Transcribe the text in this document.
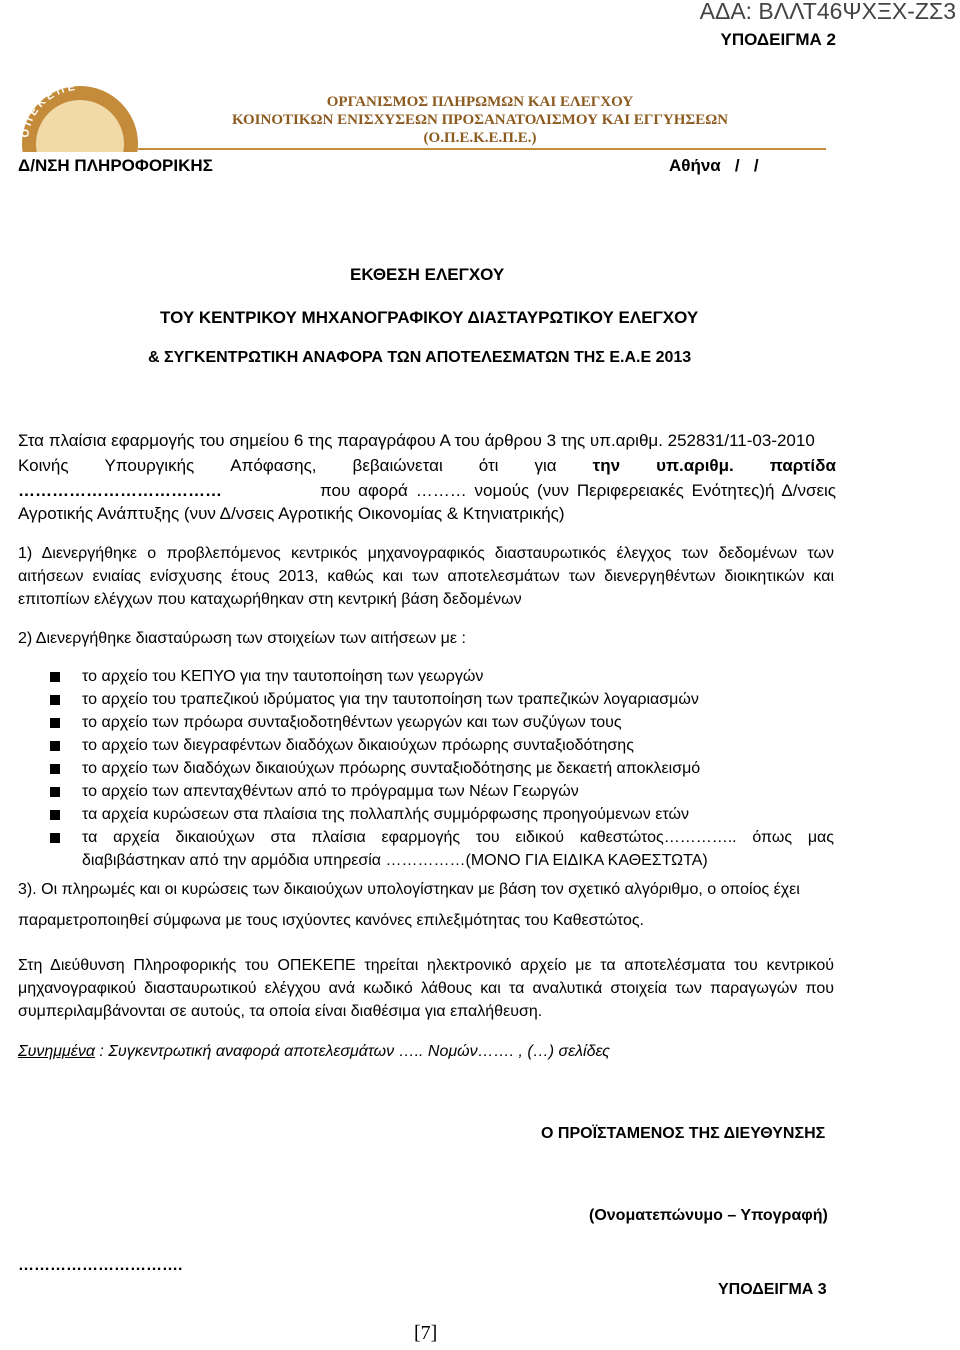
ΑΔΑ: ΒΛΛΤ46ΨΧΞΧ-ΖΣ3
ΥΠΟΔΕΙΓΜΑ 2
Ο Π Ε Κ Ε Π Ε
ΟΡΓΑΝΙΣΜΟΣ ΠΛΗΡΩΜΩΝ ΚΑΙ ΕΛΕΓΧΟΥ
ΚΟΙΝΟΤΙΚΩΝ ΕΝΙΣΧΥΣΕΩΝ ΠΡΟΣΑΝΑΤΟΛΙΣΜΟΥ ΚΑΙ ΕΓΓΥΗΣΕΩΝ
(Ο.Π.Ε.Κ.Ε.Π.Ε.)
Δ/ΝΣΗ ΠΛΗΡΟΦΟΡΙΚΗΣ	Αθήνα   /   /
ΕΚΘΕΣΗ ΕΛΕΓΧΟΥ
ΤΟΥ ΚΕΝΤΡΙΚΟΥ ΜΗΧΑΝΟΓΡΑΦΙΚΟΥ ΔΙΑΣΤΑΥΡΩΤΙΚΟΥ ΕΛΕΓΧΟΥ
& ΣΥΓΚΕΝΤΡΩΤΙΚΗ ΑΝΑΦΟΡΑ ΤΩΝ ΑΠΟΤΕΛΕΣΜΑΤΩΝ ΤΗΣ Ε.Α.Ε 2013
Στα πλαίσια εφαρμογής του σημείου 6 της παραγράφου Α του άρθρου 3 της υπ.αριθμ. 252831/11-03-2010
Κοινής Υπουργικής Απόφασης, βεβαιώνεται ότι για την υπ.αριθμ. παρτίδα
………………………………	που αφορά ……… νομούς (νυν Περιφερειακές Ενότητες)ή Δ/νσεις
Αγροτικής Ανάπτυξης (νυν Δ/νσεις Αγροτικής Οικονομίας & Κτηνιατρικής)
1) Διενεργήθηκε ο προβλεπόμενος κεντρικός μηχανογραφικός διασταυρωτικός έλεγχος των δεδομένων των
αιτήσεων ενιαίας ενίσχυσης έτους 2013, καθώς και των αποτελεσμάτων των διενεργηθέντων διοικητικών και
επιτοπίων ελέγχων που καταχωρήθηκαν στη κεντρική βάση δεδομένων
2) Διενεργήθηκε διασταύρωση των στοιχείων των αιτήσεων με :
το αρχείο του ΚΕΠΥΟ για την ταυτοποίηση των γεωργών
το αρχείο του τραπεζικού ιδρύματος για την ταυτοποίηση των τραπεζικών λογαριασμών
το αρχείο των πρόωρα συνταξιοδοτηθέντων γεωργών και των συζύγων τους
το αρχείο των διεγραφέντων διαδόχων δικαιούχων πρόωρης συνταξιοδότησης
το αρχείο των διαδόχων δικαιούχων πρόωρης συνταξιοδότησης με δεκαετή αποκλεισμό
το αρχείο των απενταχθέντων από το πρόγραμμα των Νέων Γεωργών
τα αρχεία κυρώσεων στα πλαίσια της πολλαπλής συμμόρφωσης προηγούμενων ετών
τα αρχεία δικαιούχων στα πλαίσια εφαρμογής του ειδικού καθεστώτος………….. όπως μας
διαβιβάστηκαν από την αρμόδια υπηρεσία ……………(ΜΟΝΟ ΓΙΑ ΕΙΔΙΚΑ ΚΑΘΕΣΤΩΤΑ)
3). Οι πληρωμές και οι κυρώσεις των δικαιούχων υπολογίστηκαν με βάση τον σχετικό αλγόριθμο, ο οποίος έχει
παραμετροποιηθεί σύμφωνα με τους ισχύοντες κανόνες επιλεξιμότητας του Καθεστώτος.
Στη Διεύθυνση Πληροφορικής του ΟΠΕΚΕΠΕ τηρείται ηλεκτρονικό αρχείο με τα αποτελέσματα του κεντρικού
μηχανογραφικού διασταυρωτικού ελέγχου ανά κωδικό λάθους και τα αναλυτικά στοιχεία των παραγωγών που
συμπεριλαμβάνονται σε αυτούς, τα οποία είναι διαθέσιμα για επαλήθευση.
Συνημμένα : Συγκεντρωτική αναφορά αποτελεσμάτων ….. Νομών……. , (…) σελίδες
Ο ΠΡΟΪΣΤΑΜΕΝΟΣ ΤΗΣ ΔΙΕΥΘΥΝΣΗΣ
(Ονοματεπώνυμο – Υπογραφή)
………………………….
ΥΠΟΔΕΙΓΜΑ 3
[7]
